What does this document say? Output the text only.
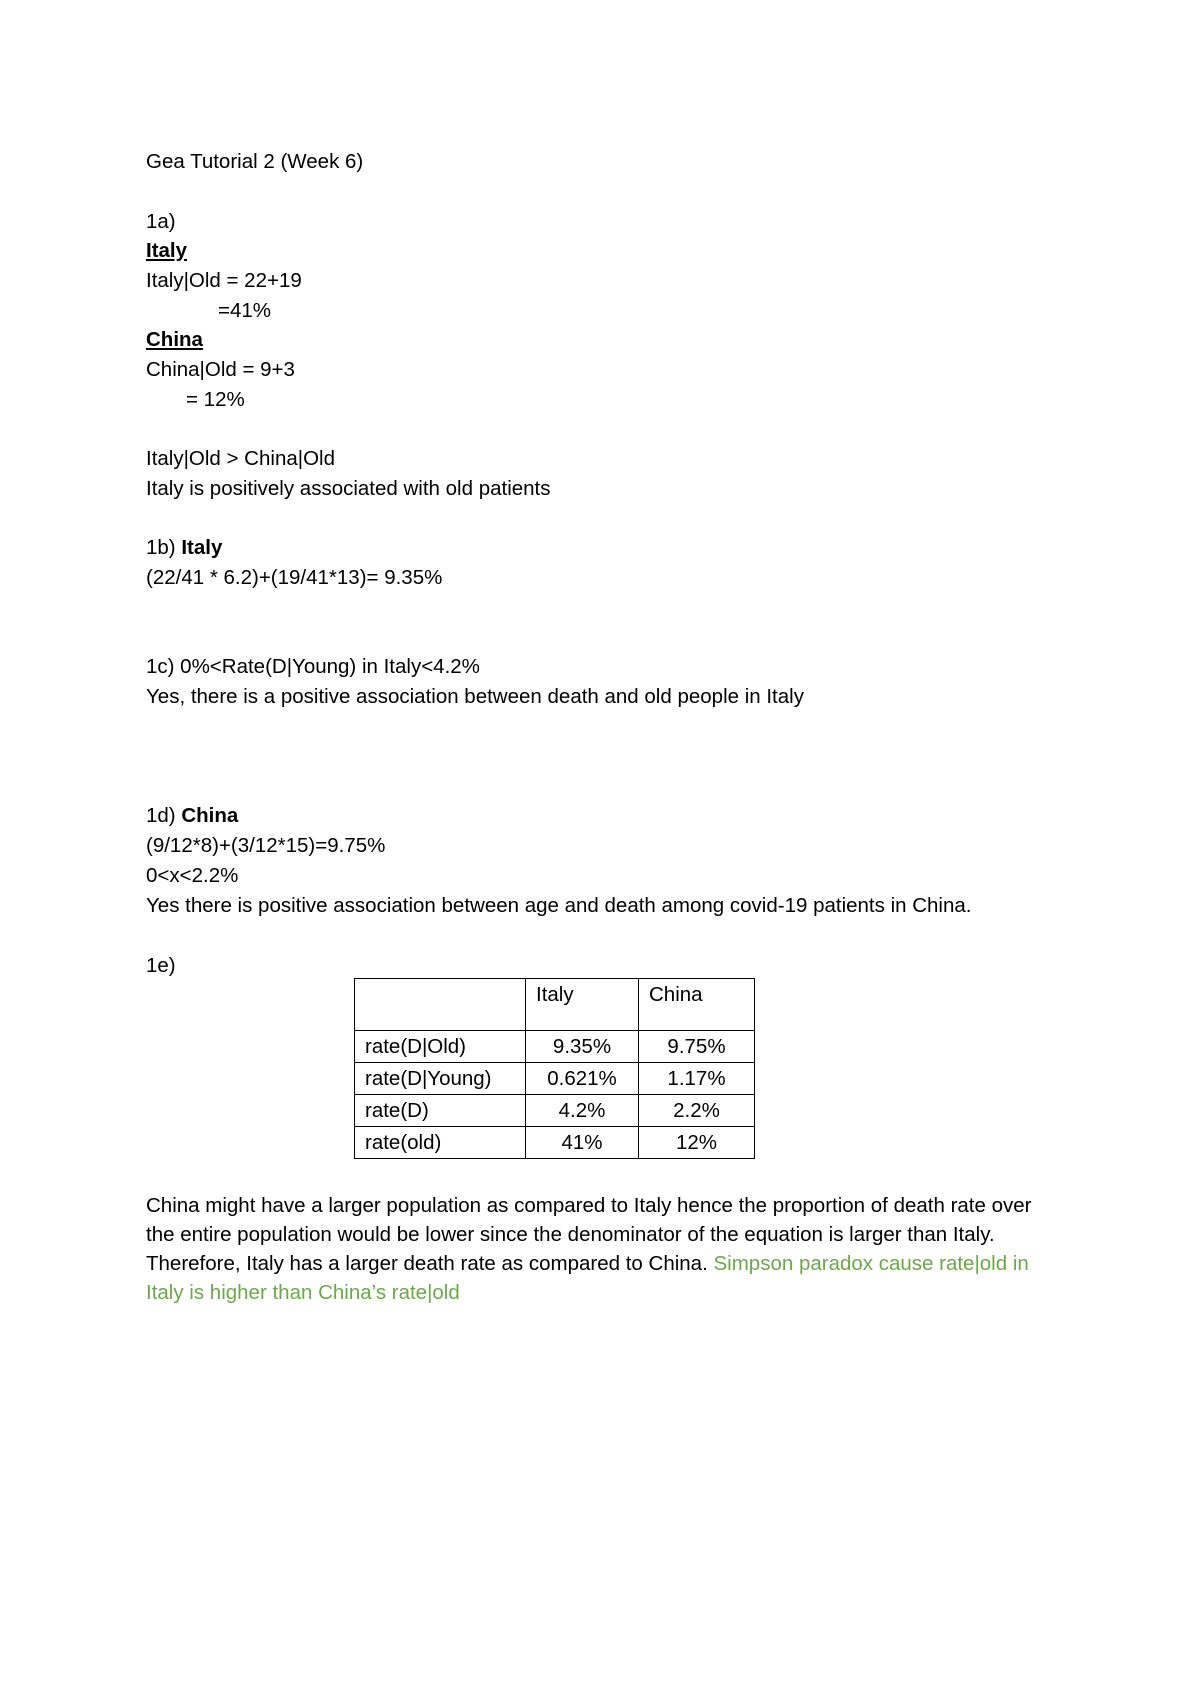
Gea Tutorial 2 (Week 6)
1a)
Italy
Italy|Old = 22+19
=41%
China
China|Old = 9+3
= 12%
Italy|Old > China|Old
Italy is positively associated with old patients
1b) Italy
(22/41 * 6.2)+(19/41*13)= 9.35%
1c) 0%<Rate(D|Young) in Italy<4.2%
Yes, there is a positive association between death and old people in Italy
1d) China
(9/12*8)+(3/12*15)=9.75%
0<x<2.2%
Yes there is positive association between age and death among covid-19 patients in China.
1e)
	Italy	China
rate(D|Old)	9.35%	9.75%
rate(D|Young)	0.621%	1.17%
rate(D)	4.2%	2.2%
rate(old)	41%	12%
China might have a larger population as compared to Italy hence the proportion of death rate over the entire population would be lower since the denominator of the equation is larger than Italy. Therefore, Italy has a larger death rate as compared to China. Simpson paradox cause rate|old in Italy is higher than China’s rate|old
